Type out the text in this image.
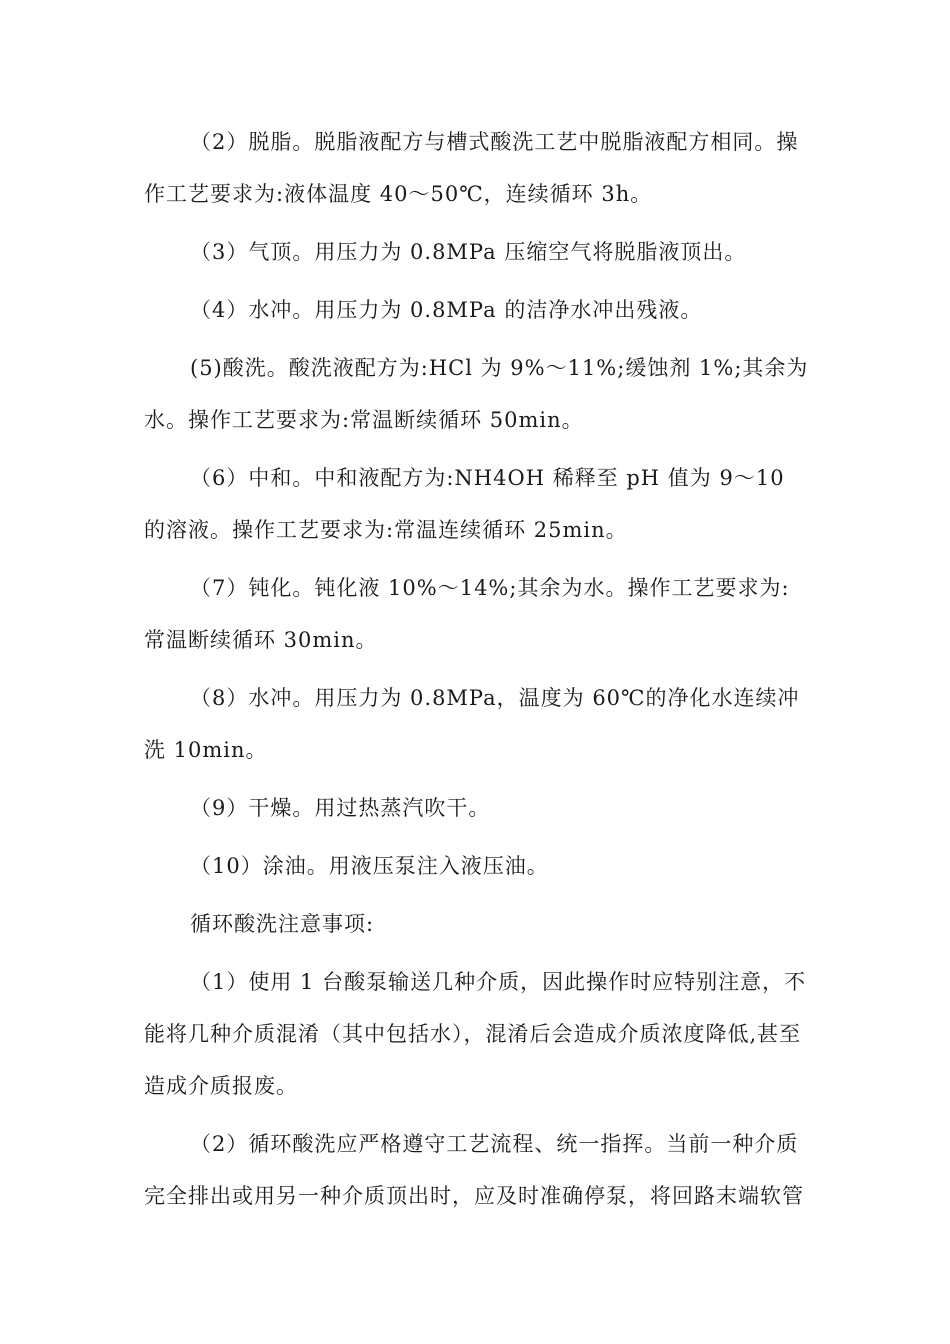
（2）脱脂。脱脂液配方与槽式酸洗工艺中脱脂液配方相同。操作工艺要求为:液体温度 40～50℃，连续循环 3h。

（3）气顶。用压力为 0.8MPa 压缩空气将脱脂液顶出。

（4）水冲。用压力为 0.8MPa 的洁净水冲出残液。

(5)酸洗。酸洗液配方为:HCl 为 9%～11%;缓蚀剂 1%;其余为水。操作工艺要求为:常温断续循环 50min。

（6）中和。中和液配方为:NH4OH 稀释至 pH 值为 9～10 的溶液。操作工艺要求为:常温连续循环 25min。

（7）钝化。钝化液 10%～14%;其余为水。操作工艺要求为:常温断续循环 30min。

（8）水冲。用压力为 0.8MPa，温度为 60℃的净化水连续冲洗 10min。

（9）干燥。用过热蒸汽吹干。

（10）涂油。用液压泵注入液压油。

循环酸洗注意事项:

（1）使用 1 台酸泵输送几种介质，因此操作时应特别注意，不能将几种介质混淆（其中包括水），混淆后会造成介质浓度降低,甚至造成介质报废。

（2）循环酸洗应严格遵守工艺流程、统一指挥。当前一种介质完全排出或用另一种介质顶出时，应及时准确停泵，将回路末端软管
